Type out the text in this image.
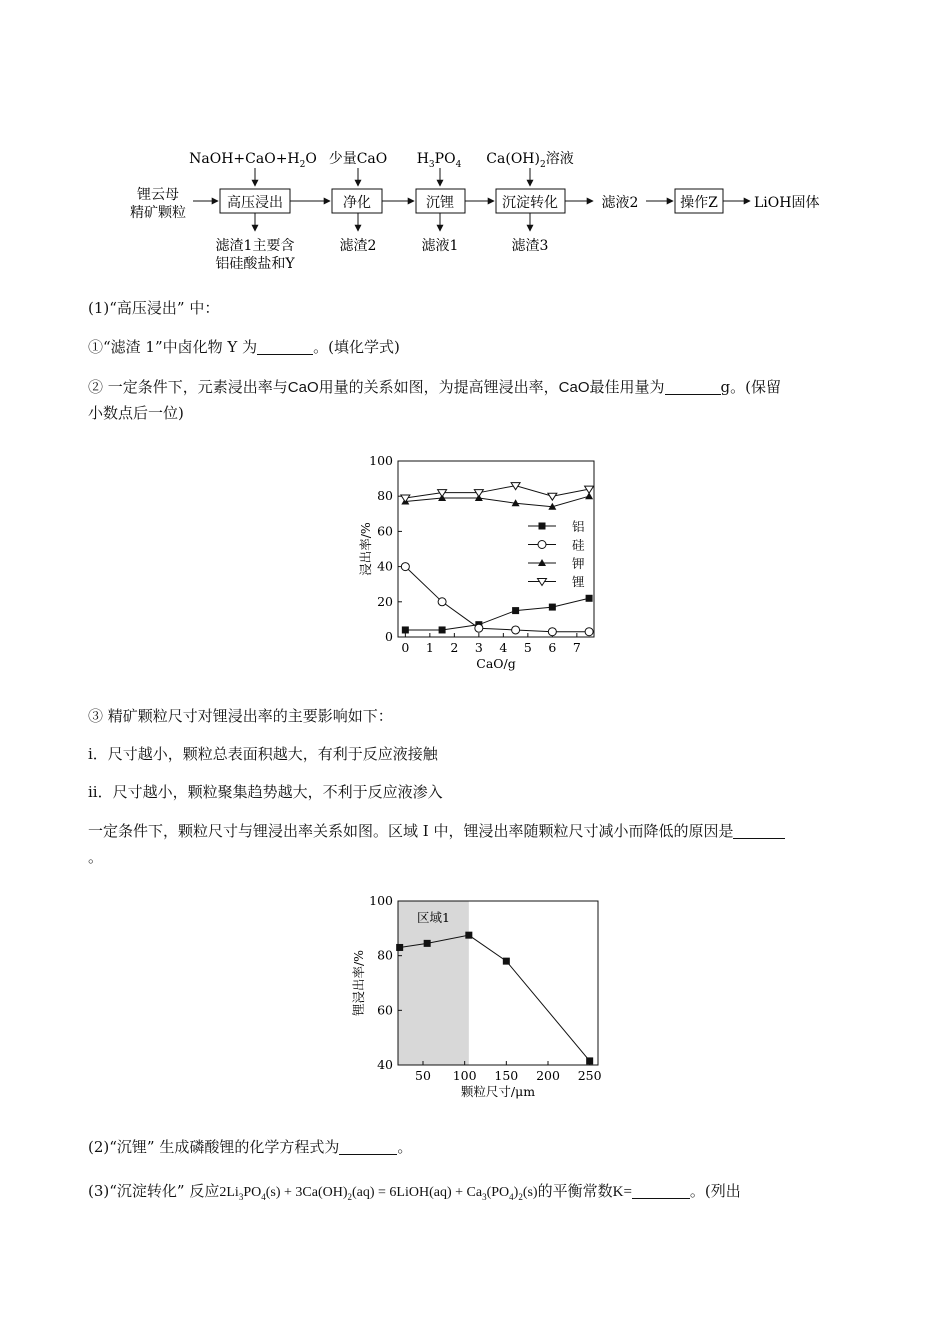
锂云母
精矿颗粒
$NaOH+CaO+H_2O$ 少量CaO $H_3PO_4$ $Ca(OH)_2$溶液
高压浸出	净化	沉锂	沉淀转化	操作Z
滤液2	LiOH固体
滤渣1主要含
铝硅酸盐和Y
滤渣2	滤液1	滤渣3
(1)“高压浸出” 中：
①“滤渣 1”中卤化物 Y 为	。(填化学式)
② 一定条件下，元素浸出率与CaO用量的关系如图，为提高锂浸出率，CaO最佳用量为	g。(保留
小数点后一位)
0
20
40
60
80
100
0 1 2 3 4 5 6 7
CaO/g
浸出率/%	铝
硅
钾
锂
③ 精矿颗粒尺寸对锂浸出率的主要影响如下：
i．尺寸越小，颗粒总表面积越大，有利于反应液接触
ii．尺寸越小，颗粒聚集趋势越大，不利于反应液渗入
一定条件下，颗粒尺寸与锂浸出率关系如图。区域 I 中，锂浸出率随颗粒尺寸减小而降低的原因是
。
区域1
40
60
80
100
50 100 150 200 250
颗粒尺寸/μm
锂浸出率/%
(2)“沉锂” 生成磷酸锂的化学方程式为	。
(3)“沉淀转化” 反应$2Li_3PO_4(s) + 3Ca(OH)_2(aq)$ = 6LiOH(aq) + $Ca_3(PO_4)_2(s)$的平衡常数K=	。(列出
